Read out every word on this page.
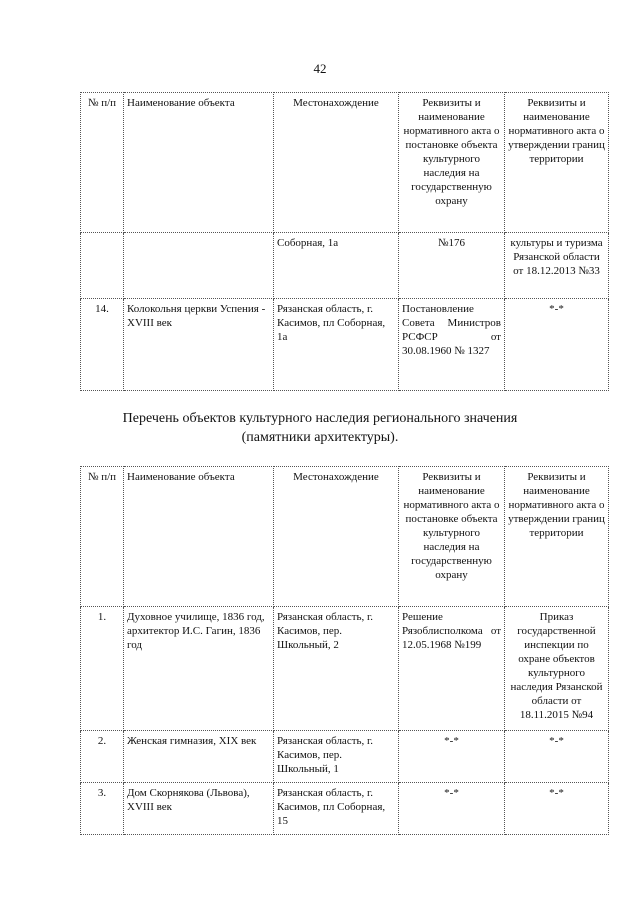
42
№ п/п	Наименование объекта	Местонахождение	Реквизиты и наименование нормативного акта о постановке объекта культурного наследия на государственную охрану	Реквизиты и наименование нормативного акта о утверждении границ территории
		Соборная, 1а	№176	культуры и туризма Рязанской области от 18.12.2013 №33
14.	Колокольня церкви Успения - XVIII век	Рязанская область, г. Касимов, пл Соборная, 1а	Постановление Совета Министров РСФСР от 30.08.1960 № 1327	*-*
Перечень объектов культурного наследия регионального значения
(памятники архитектуры).
№ п/п	Наименование объекта	Местонахождение	Реквизиты и наименование нормативного акта о постановке объекта культурного наследия на государственную охрану	Реквизиты и наименование нормативного акта о утверждении границ территории
1.	Духовное училище, 1836 год, архитектор И.С. Гагин, 1836 год	Рязанская область, г. Касимов, пер. Школьный, 2	Решение Рязоблисполкома от 12.05.1968 №199	Приказ государственной инспекции по охране объектов культурного наследия Рязанской области от 18.11.2015 №94
2.	Женская гимназия, XIX век	Рязанская область, г. Касимов, пер. Школьный, 1	*-*	*-*
3.	Дом Скорнякова (Львова), XVIII век	Рязанская область, г. Касимов, пл Соборная, 15	*-*	*-*
